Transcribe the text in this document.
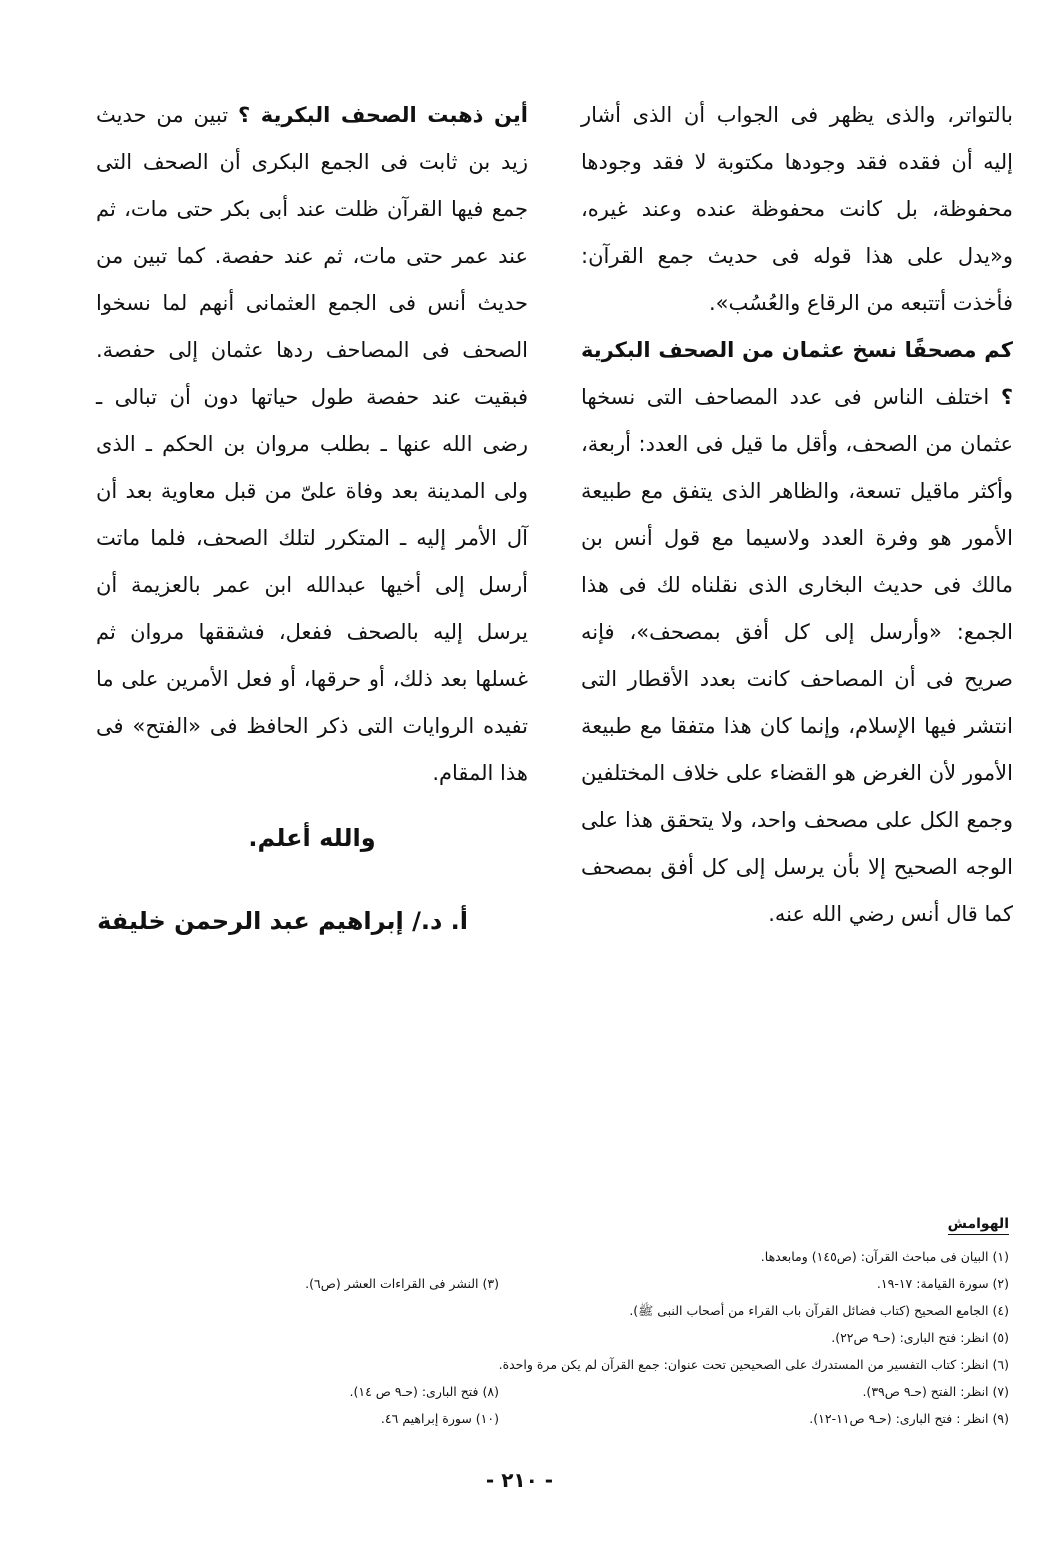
بالتواتر، والذى يظهر فى الجواب أن الذى أشار إليه أن فقده فقد وجودها مكتوبة لا فقد وجودها محفوظة، بل كانت محفوظة عنده وعند غيره، و«يدل على هذا قوله فى حديث جمع القرآن: فأخذت أتتبعه من الرقاع والعُسُب».

كم مصحفًا نسخ عثمان من الصحف البكرية ؟ اختلف الناس فى عدد المصاحف التى نسخها عثمان من الصحف، وأقل ما قيل فى العدد: أربعة، وأكثر ماقيل تسعة، والظاهر الذى يتفق مع طبيعة الأمور هو وفرة العدد ولاسيما مع قول أنس بن مالك فى حديث البخارى الذى نقلناه لك فى هذا الجمع: «وأرسل إلى كل أفق بمصحف»، فإنه صريح فى أن المصاحف كانت بعدد الأقطار التى انتشر فيها الإسلام، وإنما كان هذا متفقا مع طبيعة الأمور لأن الغرض هو القضاء على خلاف المختلفين وجمع الكل على مصحف واحد، ولا يتحقق هذا على الوجه الصحيح إلا بأن يرسل إلى كل أفق بمصحف كما قال أنس رضي الله عنه.

أين ذهبت الصحف البكرية ؟ تبين من حديث زيد بن ثابت فى الجمع البكرى أن الصحف التى جمع فيها القرآن ظلت عند أبى بكر حتى مات، ثم عند عمر حتى مات، ثم عند حفصة. كما تبين من حديث أنس فى الجمع العثمانى أنهم لما نسخوا الصحف فى المصاحف ردها عثمان إلى حفصة. فبقيت عند حفصة طول حياتها دون أن تبالى ـ رضى الله عنها ـ بطلب مروان بن الحكم ـ الذى ولى المدينة بعد وفاة علىّ من قبل معاوية بعد أن آل الأمر إليه ـ المتكرر لتلك الصحف، فلما ماتت أرسل إلى أخيها عبدالله ابن عمر بالعزيمة أن يرسل إليه بالصحف ففعل، فشققها مروان ثم غسلها بعد ذلك، أو حرقها، أو فعل الأمرين على ما تفيده الروايات التى ذكر الحافظ فى «الفتح» فى هذا المقام.

والله أعلم.
أ. د./ إبراهيم عبد الرحمن خليفة
الهوامش
(١) البيان فى مباحث القرآن: (ص١٤٥) ومابعدها.
(٢) سورة القيامة: ١٧-١٩.
(٣) النشر فى القراءات العشر (ص٦).
(٤) الجامع الصحيح (كتاب فضائل القرآن باب القراء من أصحاب النبى ﷺ).
(٥) انظر: فتح البارى: (حـ٩ ص٢٢).
(٦) انظر: كتاب التفسير من المستدرك على الصحيحين تحت عنوان: جمع القرآن لم يكن مرة واحدة.
(٧) انظر: الفتح (حـ٩ ص٣٩).
(٨) فتح البارى: (حـ٩ ص ١٤).
(٩) انظر : فتح البارى: (حـ٩ ص١١-١٢).
(١٠) سورة إبراهيم ٤٦.
- ٢١٠ -
